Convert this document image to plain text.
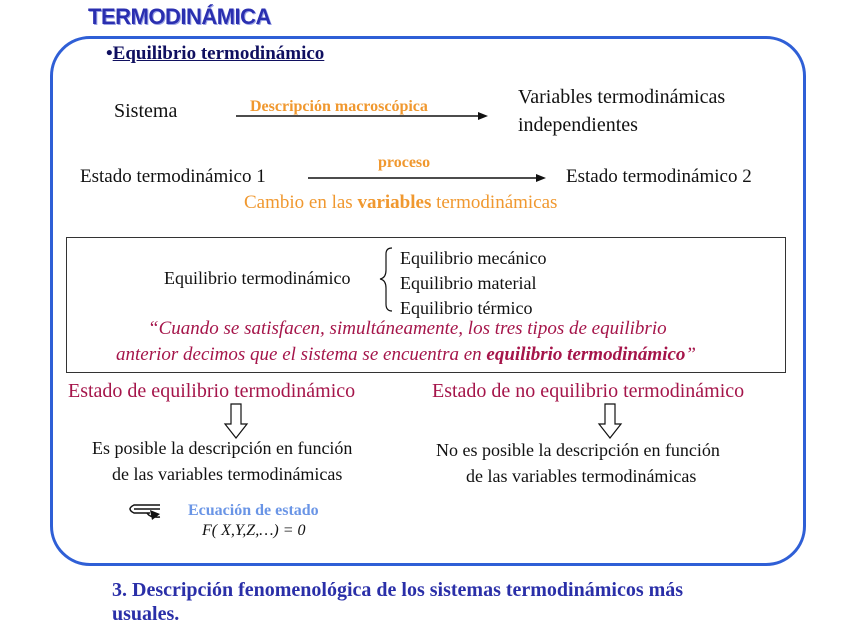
TERMODINÁMICA
•Equilibrio termodinámico
Sistema	Descripción macroscópica	Variables termodinámicas
independientes
Estado termodinámico 1
proceso
Estado termodinámico 2
Cambio en las variables termodinámicas
Equilibrio termodinámico
Equilibrio mecánico
Equilibrio material
Equilibrio térmico
“Cuando se satisfacen, simultáneamente, los tres tipos de equilibrio
anterior decimos que el sistema se encuentra en equilibrio termodinámico”
Estado de equilibrio termodinámico	Estado de no equilibrio termodinámico
Es posible la descripción en función
de las variables termodinámicas
No es posible la descripción en función
de las variables termodinámicas
Ecuación de estado
F( X,Y,Z,…) = 0
3. Descripción fenomenológica de los sistemas termodinámicos más usuales.
